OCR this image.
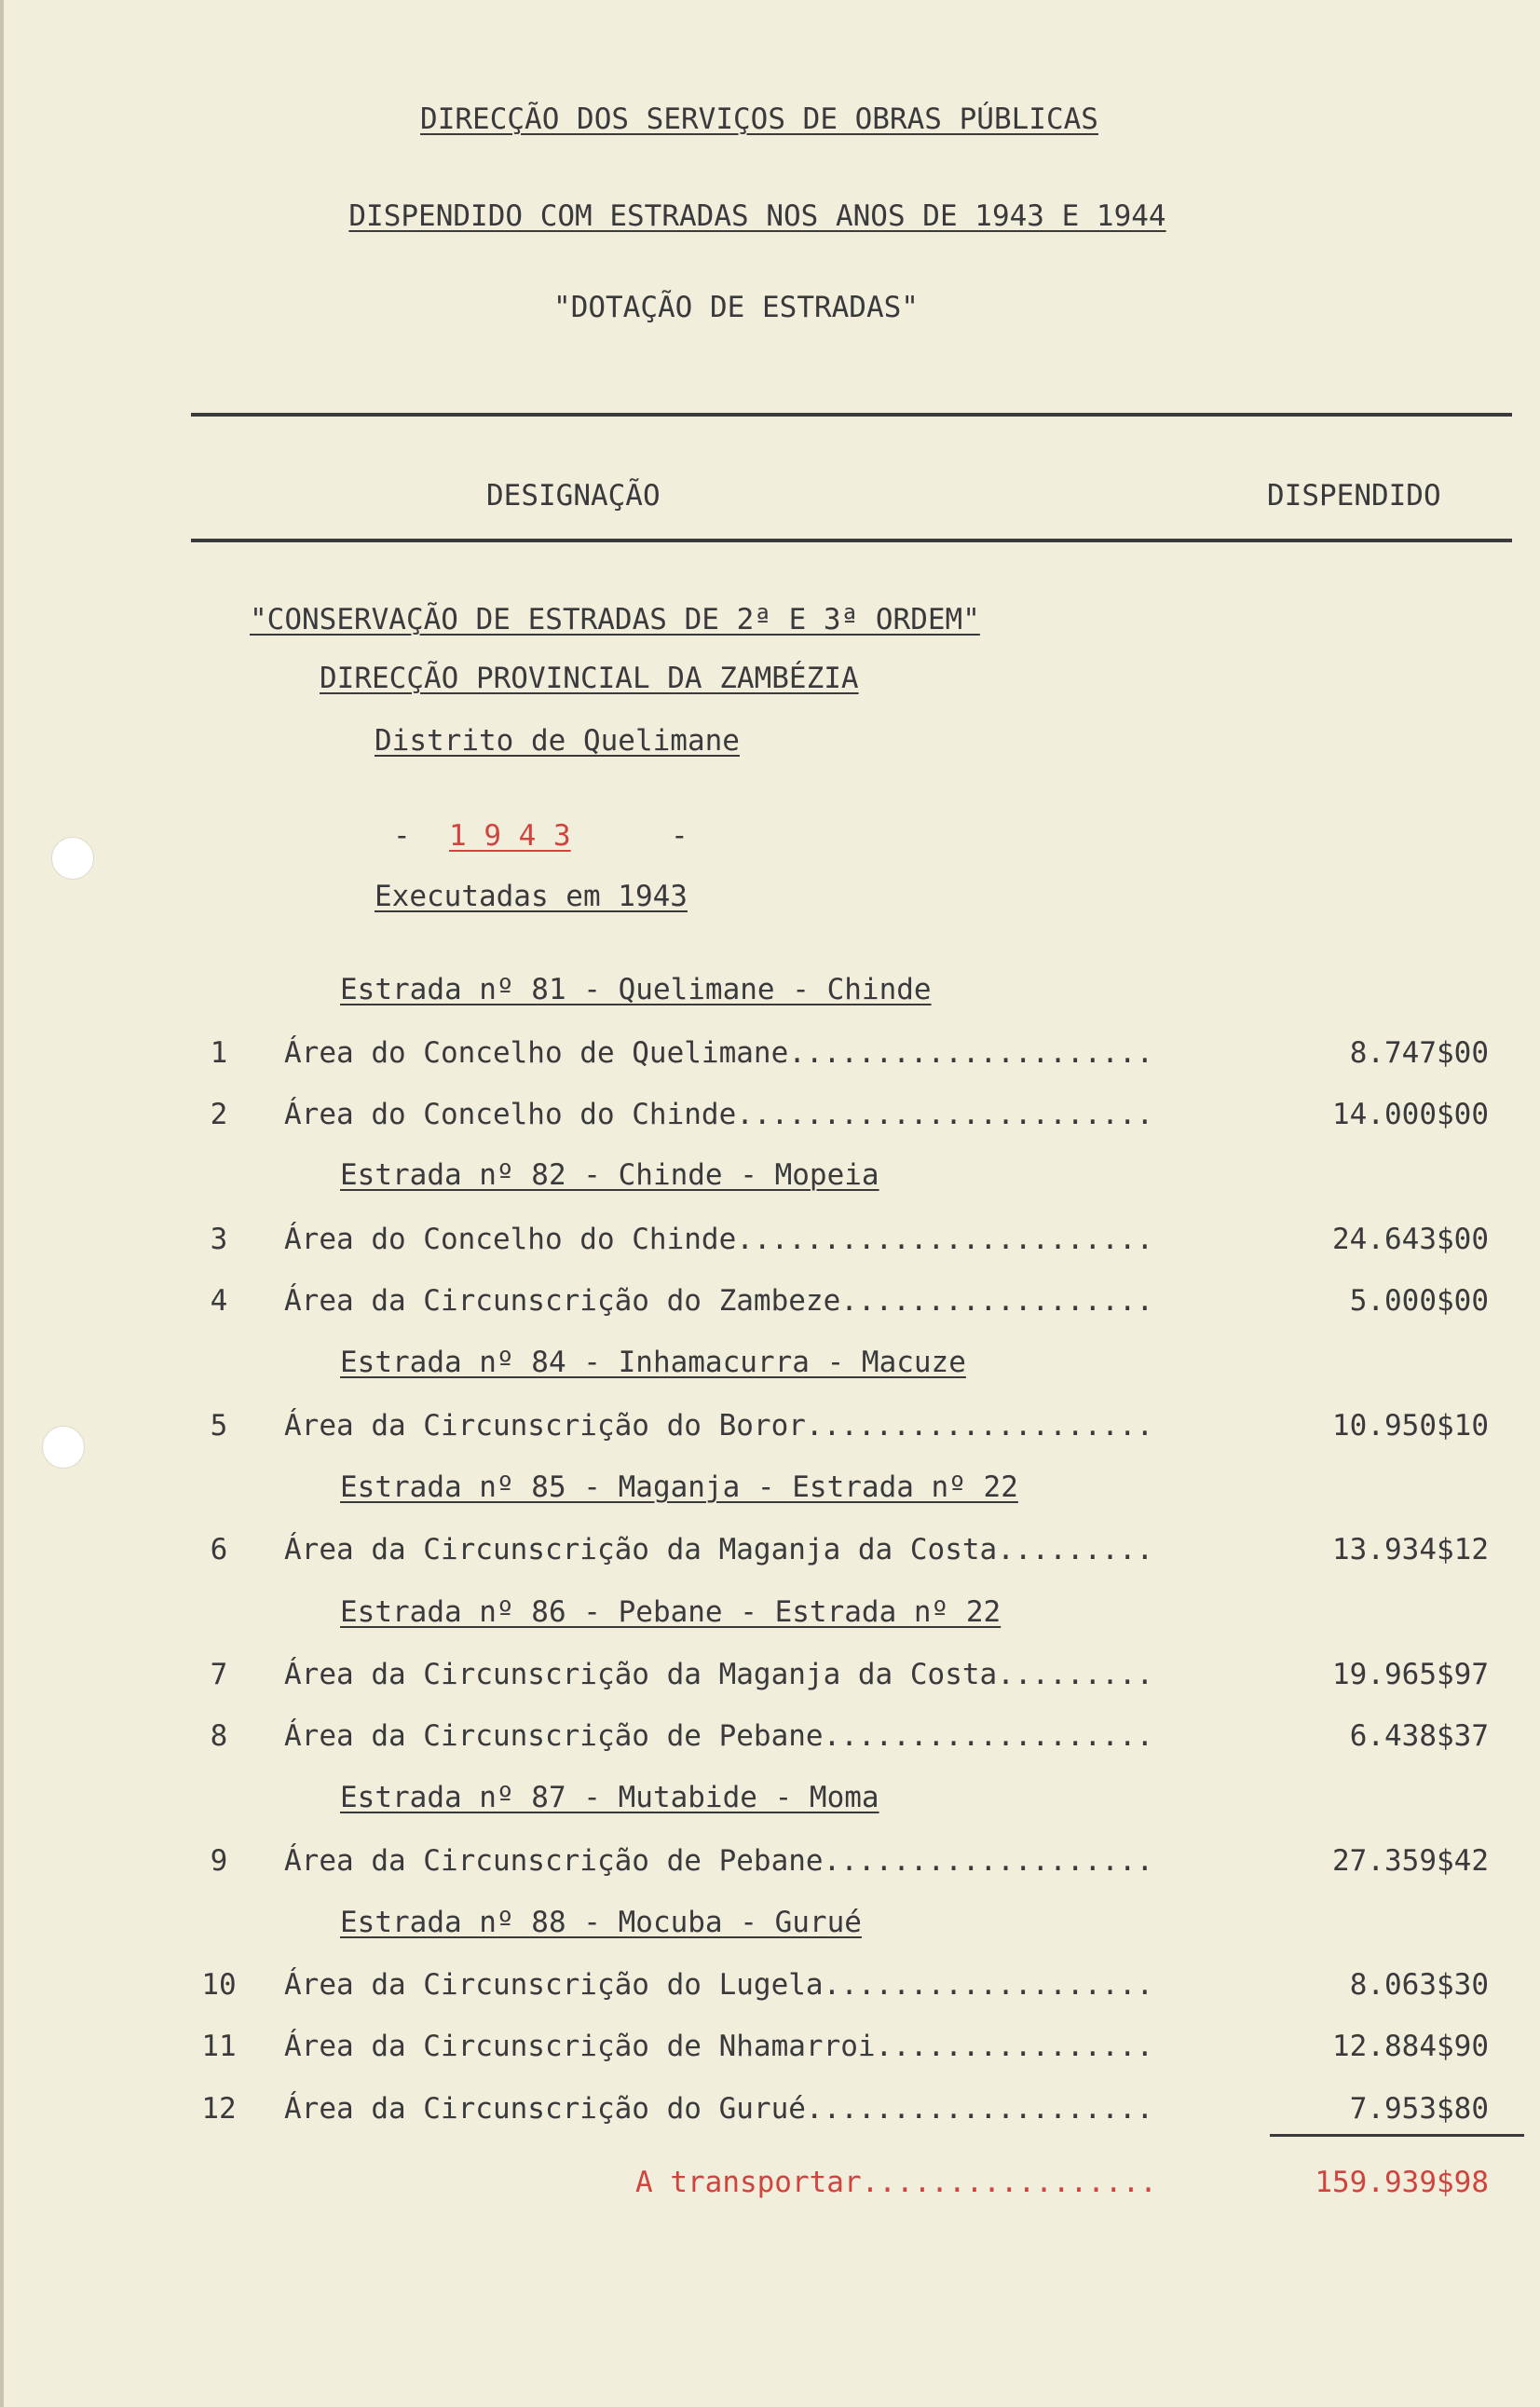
DIRECÇÃO DOS SERVIÇOS DE OBRAS PÚBLICAS
DISPENDIDO COM ESTRADAS NOS ANOS DE 1943 E 1944
"DOTAÇÃO DE ESTRADAS"
DESIGNAÇÃO	DISPENDIDO
"CONSERVAÇÃO DE ESTRADAS DE 2ª E 3ª ORDEM"
DIRECÇÃO PROVINCIAL DA ZAMBÉZIA
Distrito de Quelimane
- 1 9 4 3	-
Executadas em 1943
Estrada nº 81 - Quelimane - Chinde
1	Área do Concelho de Quelimane.....................	8.747$00
2	Área do Concelho do Chinde........................	14.000$00
Estrada nº 82 - Chinde - Mopeia
3	Área do Concelho do Chinde........................	24.643$00
4	Área da Circunscrição do Zambeze..................	5.000$00
Estrada nº 84 - Inhamacurra - Macuze
5	Área da Circunscrição do Boror....................	10.950$10
Estrada nº 85 - Maganja - Estrada nº 22
6	Área da Circunscrição da Maganja da Costa.........	13.934$12
Estrada nº 86 - Pebane - Estrada nº 22
7	Área da Circunscrição da Maganja da Costa.........	19.965$97
8	Área da Circunscrição de Pebane...................	6.438$37
Estrada nº 87 - Mutabide - Moma
9	Área da Circunscrição de Pebane...................	27.359$42
Estrada nº 88 - Mocuba - Gurué
10	Área da Circunscrição do Lugela...................	8.063$30
11	Área da Circunscrição de Nhamarroi................	12.884$90
12	Área da Circunscrição do Gurué....................	7.953$80
A transportar.................	159.939$98
